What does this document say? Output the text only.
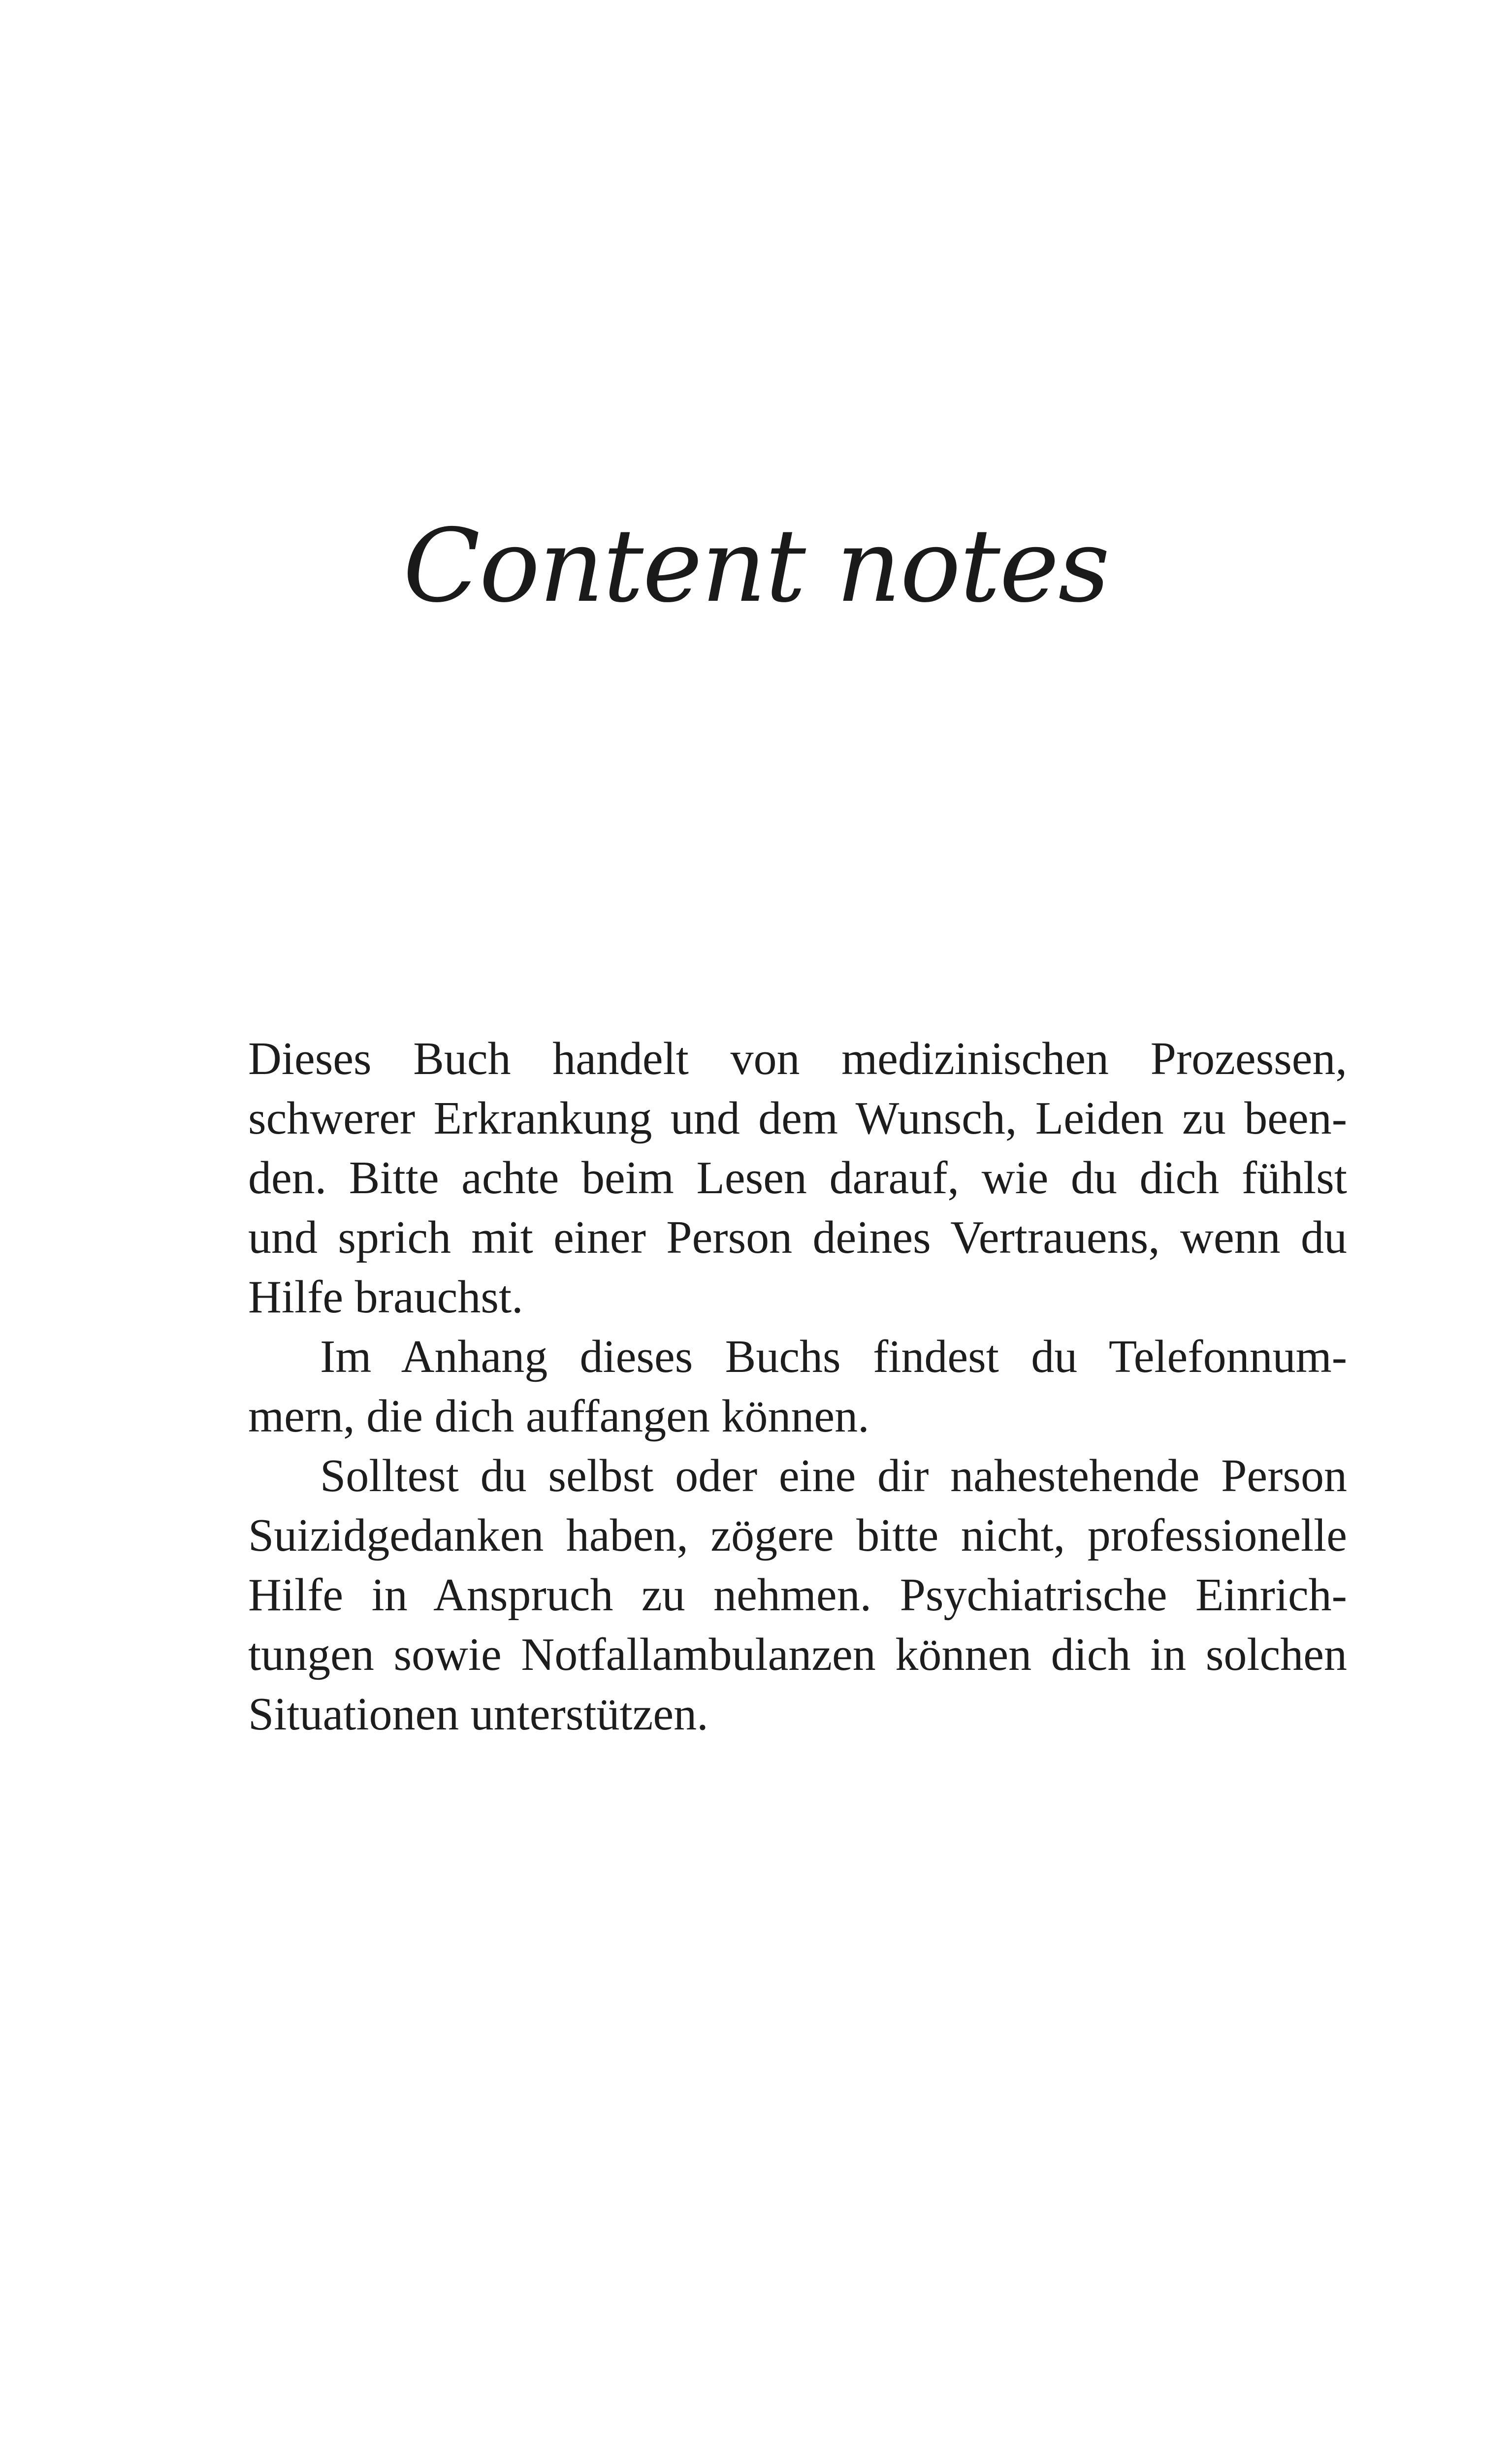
Content notes
Dieses Buch handelt von medizinischen Prozessen,
schwerer Erkrankung und dem Wunsch, Leiden zu been-
den. Bitte achte beim Lesen darauf, wie du dich fühlst
und sprich mit einer Person deines Vertrauens, wenn du
Hilfe brauchst.
Im Anhang dieses Buchs findest du Telefonnum-
mern, die dich auffangen können.
Solltest du selbst oder eine dir nahestehende Person
Suizidgedanken haben, zögere bitte nicht, professionelle
Hilfe in Anspruch zu nehmen. Psychiatrische Einrich-
tungen sowie Notfallambulanzen können dich in solchen
Situationen unterstützen.
